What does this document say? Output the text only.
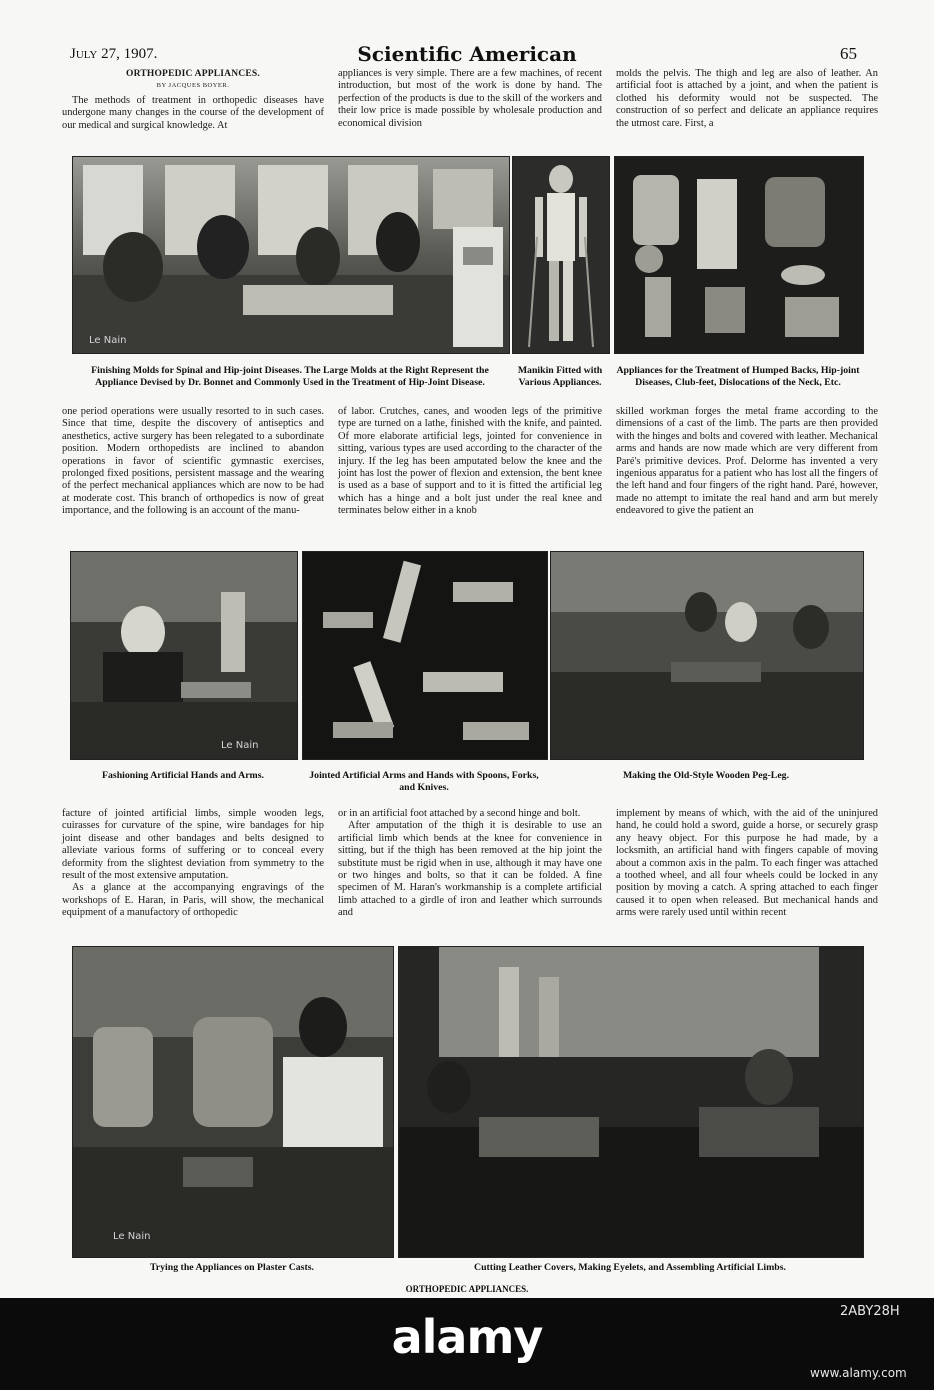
July 27, 1907.	Scientific American	65
ORTHOPEDIC APPLIANCES.
BY JACQUES BOYER.
The methods of treatment in orthopedic diseases have undergone many changes in the course of the development of our medical and surgical knowledge. At
appliances is very simple. There are a few machines, of recent introduction, but most of the work is done by hand. The perfection of the products is due to the skill of the workers and their low price is made possible by wholesale production and economical division
molds the pelvis. The thigh and leg are also of leather. An artificial foot is attached by a joint, and when the patient is clothed his deformity would not be suspected. The construction of so perfect and delicate an appliance requires the utmost care. First, a
Le Nain
Finishing Molds for Spinal and Hip-joint Diseases. The Large Molds at the Right Represent the Appliance Devised by Dr. Bonnet and Commonly Used in the Treatment of Hip-Joint Disease.
Manikin Fitted with Various Appliances.
Appliances for the Treatment of Humped Backs, Hip-joint Diseases, Club-feet, Dislocations of the Neck, Etc.
one period operations were usually resorted to in such cases. Since that time, despite the discovery of antiseptics and anesthetics, active surgery has been relegated to a subordinate position. Modern orthopedists are inclined to abandon operations in favor of scientific gymnastic exercises, prolonged fixed positions, persistent massage and the wearing of the perfect mechanical appliances which are now to be had at moderate cost. This branch of orthopedics is now of great importance, and the following is an account of the manu-
of labor. Crutches, canes, and wooden legs of the primitive type are turned on a lathe, finished with the knife, and painted. Of more elaborate artificial legs, jointed for convenience in sitting, various types are used according to the character of the injury. If the leg has been amputated below the knee and the joint has lost the power of flexion and extension, the bent knee is used as a base of support and to it is fitted the artificial leg which has a hinge and a bolt just under the real knee and terminates below either in a knob
skilled workman forges the metal frame according to the dimensions of a cast of the limb. The parts are then provided with the hinges and bolts and covered with leather. Mechanical arms and hands are now made which are very different from Paré's primitive devices. Prof. Delorme has invented a very ingenious apparatus for a patient who has lost all the fingers of the left hand and four fingers of the right hand. Paré, however, made no attempt to imitate the real hand and arm but merely endeavored to give the patient an
Le Nain
Fashioning Artificial Hands and Arms.	Jointed Artificial Arms and Hands with Spoons, Forks, and Knives.
Making the Old-Style Wooden Peg-Leg.
facture of jointed artificial limbs, simple wooden legs, cuirasses for curvature of the spine, wire bandages for hip joint disease and other bandages and belts designed to alleviate various forms of suffering or to conceal every deformity from the slightest deviation from symmetry to the result of the most extensive amputation.
As a glance at the accompanying engravings of the workshops of E. Haran, in Paris, will show, the mechanical equipment of a manufactory of orthopedic
or in an artificial foot attached by a second hinge and bolt.
After amputation of the thigh it is desirable to use an artificial limb which bends at the knee for convenience in sitting, but if the thigh has been removed at the hip joint the substitute must be rigid when in use, although it may have one or two hinges and bolts, so that it can be folded. A fine specimen of M. Haran's workmanship is a complete artificial limb attached to a girdle of iron and leather which surrounds and
implement by means of which, with the aid of the uninjured hand, he could hold a sword, guide a horse, or securely grasp any heavy object. For this purpose he had made, by a locksmith, an artificial hand with fingers capable of moving about a common axis in the palm. To each finger was attached a toothed wheel, and all four wheels could be locked in any position by moving a catch. A spring attached to each finger caused it to open when released. But mechanical hands and arms were rarely used until within recent
Le Nain
Trying the Appliances on Plaster Casts.	Cutting Leather Covers, Making Eyelets, and Assembling Artificial Limbs.
ORTHOPEDIC APPLIANCES.
alamy	2ABY28H
www.alamy.com
